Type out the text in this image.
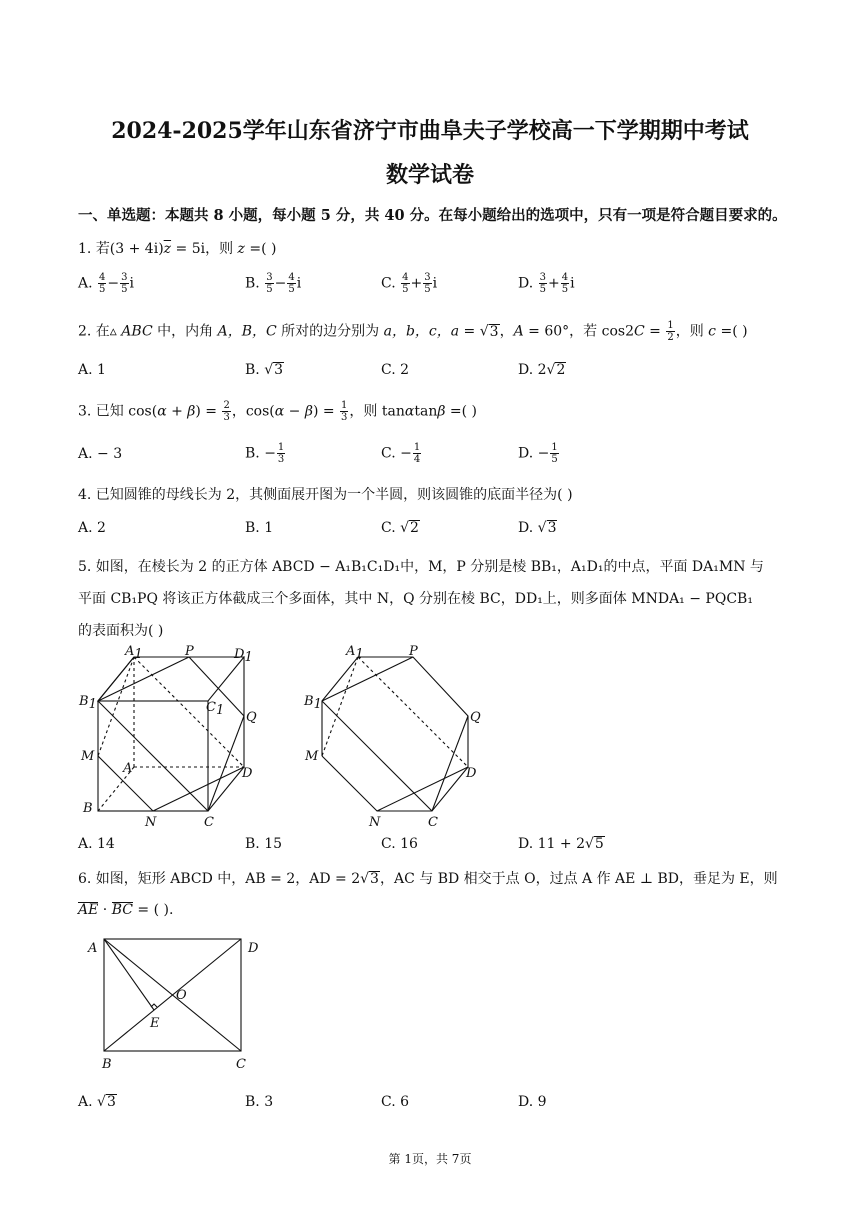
2024-2025学年山东省济宁市曲阜夫子学校高一下学期期中考试
数学试卷
一、单选题：本题共 8 小题，每小题 5 分，共 40 分。在每小题给出的选项中，只有一项是符合题目要求的。
1. 若$(3 + 4i)\overline{z} = 5i$，则 z =( )
A. $\frac{4}{5} - \frac{3}{5}$ i	B. $\frac{3}{5} - \frac{4}{5}$ i	C. $\frac{4}{5} + \frac{3}{5}$ i	D. $\frac{3}{5} + \frac{4}{5}$ i
2. 在▵ ABC 中，内角 A，B，C 所对的边分别为 a，b，c，a = √3，A = 60°，若 $\cos 2C = \frac{1}{2}$ ，则 c =( )
A. 1	B. √3	C. 2	D. 2√2
3. 已知 $\cos(\alpha + \beta) = \frac{2}{3}$ ，$\cos(\alpha - \beta) = \frac{1}{3}$ ，则 tanαtanβ =( )
A. − 3	B. − $\frac{1}{3}$	C. − $\frac{1}{4}$	D. − $\frac{1}{5}$
4. 已知圆锥的母线长为 2，其侧面展开图为一个半圆，则该圆锥的底面半径为( )
A. 2	B. 1	C. √2	D. √3
5. 如图，在棱长为 2 的正方体 ABCD − A₁B₁C₁D₁中，M，P 分别是棱 BB₁，A₁D₁的中点，平面 DA₁MN 与
平面 CB₁PQ 将该正方体截成三个多面体，其中 N，Q 分别在棱 BC，DD₁上，则多面体 MNDA₁ − PQCB₁
的表面积为( )
A1	P	D1
B1	C1 Q
M
A	D
B
N	C
A1	P
B1
Q
M
D
N	C
A. 14	B. 15	C. 16	D. 11 + 2√5
6. 如图，矩形 ABCD 中，AB = 2，AD = 2√3，AC 与 BD 相交于点 O，过点 A 作 AE ⊥ BD，垂足为 E，则
AE · BC = ( ).
A	D
O
E
B	C
A. √3	B. 3	C. 6	D. 9
第 1页，共 7页
